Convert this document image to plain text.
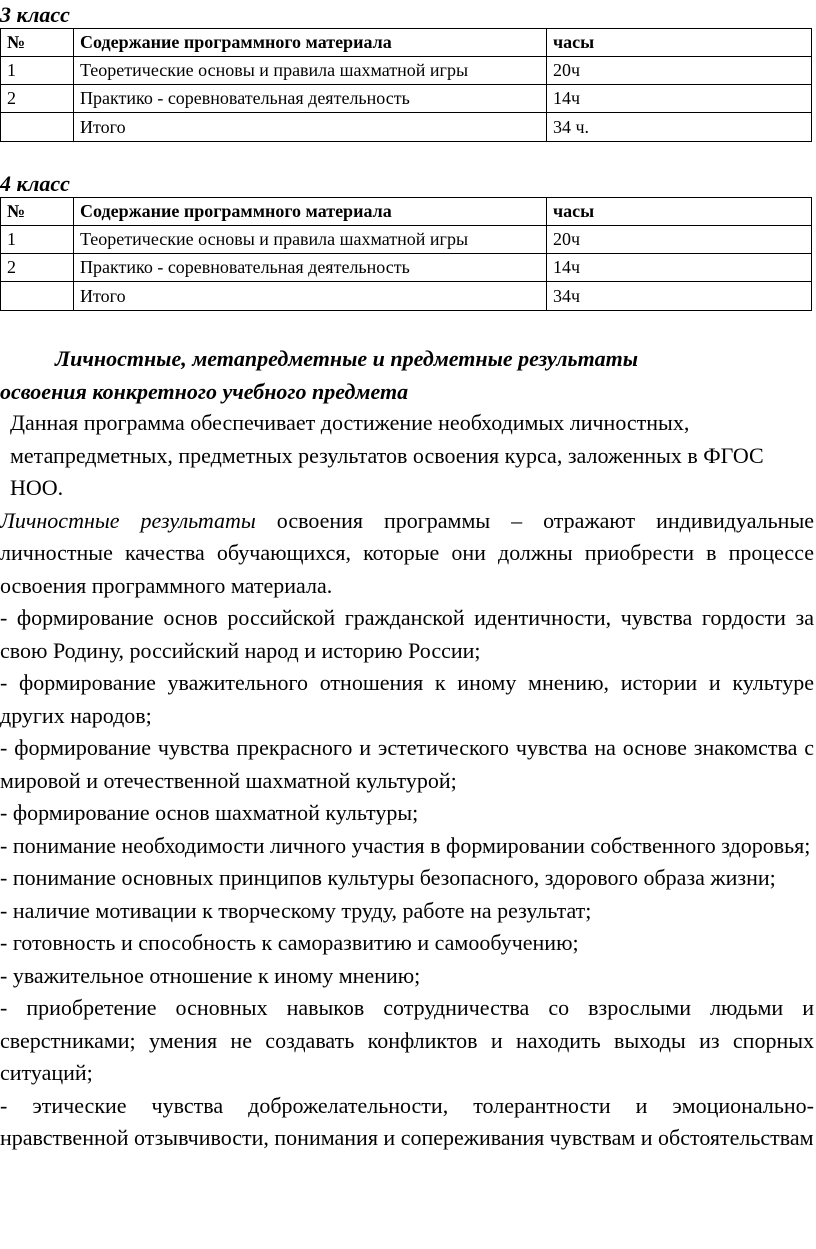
3 класс
№	Содержание программного материала	часы
1	Теоретические основы и правила шахматной игры	20ч
2	Практико - соревновательная деятельность	14ч
	Итого	34 ч.
4 класс
№	Содержание программного материала	часы
1	Теоретические основы и правила шахматной игры	20ч
2	Практико - соревновательная деятельность	14ч
	Итого	34ч
Личностные, метапредметные и предметные результаты
освоения конкретного учебного предмета

Данная программа обеспечивает достижение необходимых личностных, метапредметных, предметных результатов освоения курса, заложенных в ФГОС НОО.

Личностные результаты освоения программы – отражают индивидуальные личностные качества обучающихся, которые они должны приобрести в процессе освоения программного материала.

- формирование основ российской гражданской идентичности, чувства гордости за свою Родину, российский народ и историю России;

- формирование уважительного отношения к иному мнению, истории и культуре других народов;

- формирование чувства прекрасного и эстетического чувства на основе знакомства с мировой и отечественной шахматной культурой;

- формирование основ шахматной культуры;

- понимание необходимости личного участия в формировании собственного здоровья;

- понимание основных принципов культуры безопасного, здорового образа жизни;

- наличие мотивации к творческому труду, работе на результат;

- готовность и способность к саморазвитию и самообучению;

- уважительное отношение к иному мнению;

- приобретение основных навыков сотрудничества со взрослыми людьми и сверстниками; умения не создавать конфликтов и находить выходы из спорных ситуаций;

- этические чувства доброжелательности, толерантности и эмоционально-нравственной отзывчивости, понимания и сопереживания чувствам и обстоятельствам
